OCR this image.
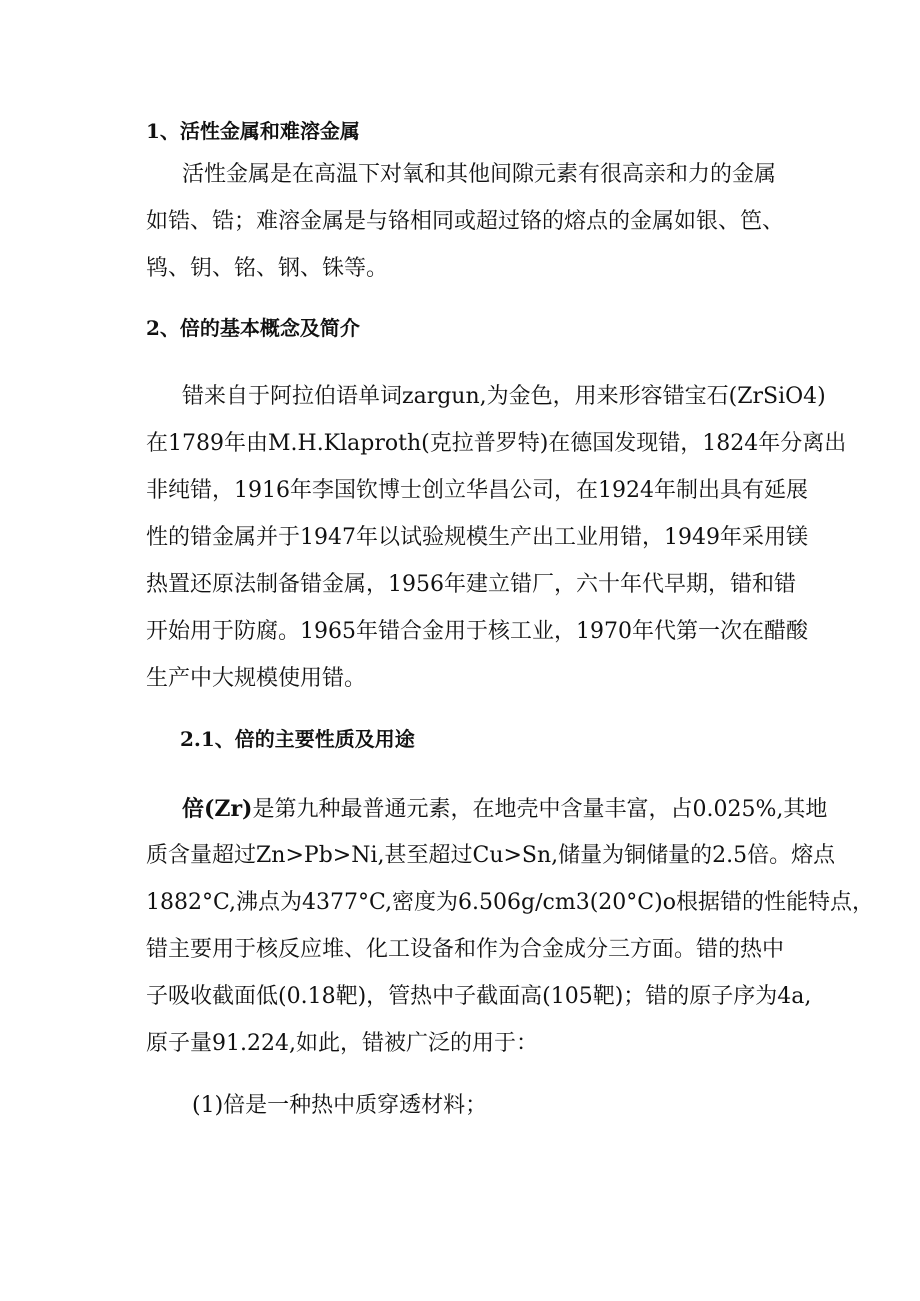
1、活性金属和难溶金属
活性金属是在高温下对氧和其他间隙元素有很高亲和力的金属
如锆、锆；难溶金属是与铬相同或超过铬的熔点的金属如银、笆、
鸨、钥、铭、钢、铢等。
2、倍的基本概念及简介
错来自于阿拉伯语单词zargun,为金色，用来形容错宝石(ZrSiO4)
在1789年由M.H.Klaproth(克拉普罗特)在德国发现错，1824年分离出
非纯错，1916年李国钦博士创立华昌公司，在1924年制出具有延展
性的错金属并于1947年以试验规模生产出工业用错，1949年采用镁
热置还原法制备错金属，1956年建立错厂，六十年代早期，错和错
开始用于防腐。1965年错合金用于核工业，1970年代第一次在醋酸
生产中大规模使用错。
2.1、倍的主要性质及用途
倍(Zr)是第九种最普通元素，在地壳中含量丰富，占0.025%,其地
质含量超过Zn>Pb>Ni,甚至超过Cu>Sn,储量为铜储量的2.5倍。熔点
1882°C,沸点为4377°C,密度为6.506g∕cm3(20°C)o根据错的性能特点，
错主要用于核反应堆、化工设备和作为合金成分三方面。错的热中
子吸收截面低(0.18靶)，管热中子截面高(105靶)；错的原子序为4a,
原子量91.224,如此，错被广泛的用于：
(1)倍是一种热中质穿透材料；
